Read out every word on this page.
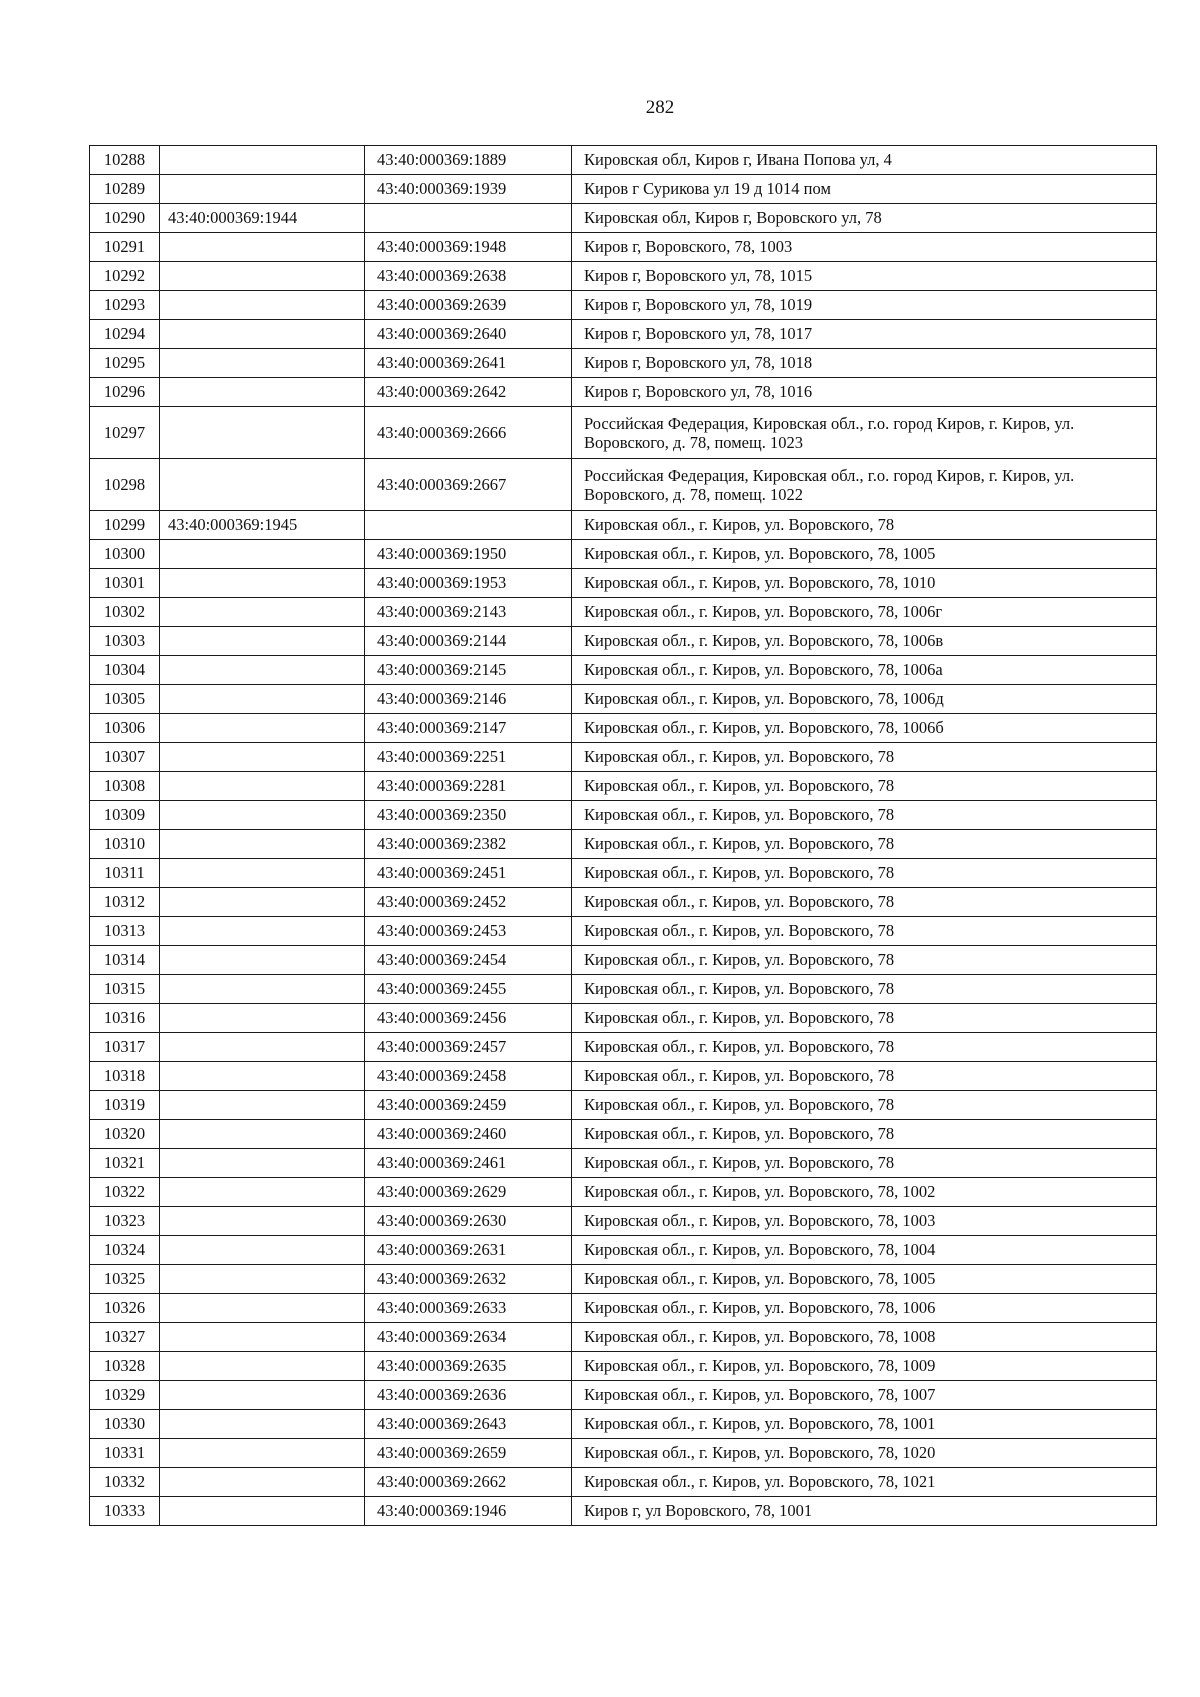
282
10288		43:40:000369:1889	Кировская обл, Киров г, Ивана Попова ул, 4
10289		43:40:000369:1939	Киров г Сурикова ул 19 д 1014 пом
10290	43:40:000369:1944		Кировская обл, Киров г, Воровского ул, 78
10291		43:40:000369:1948	Киров г, Воровского, 78, 1003
10292		43:40:000369:2638	Киров г, Воровского ул, 78, 1015
10293		43:40:000369:2639	Киров г, Воровского ул, 78, 1019
10294		43:40:000369:2640	Киров г, Воровского ул, 78, 1017
10295		43:40:000369:2641	Киров г, Воровского ул, 78, 1018
10296		43:40:000369:2642	Киров г, Воровского ул, 78, 1016
10297		43:40:000369:2666	Российская Федерация, Кировская обл., г.о. город Киров, г. Киров, ул. Воровского, д. 78, помещ. 1023
10298		43:40:000369:2667	Российская Федерация, Кировская обл., г.о. город Киров, г. Киров, ул. Воровского, д. 78, помещ. 1022
10299	43:40:000369:1945		Кировская обл., г. Киров, ул. Воровского, 78
10300		43:40:000369:1950	Кировская обл., г. Киров, ул. Воровского, 78, 1005
10301		43:40:000369:1953	Кировская обл., г. Киров, ул. Воровского, 78, 1010
10302		43:40:000369:2143	Кировская обл., г. Киров, ул. Воровского, 78, 1006г
10303		43:40:000369:2144	Кировская обл., г. Киров, ул. Воровского, 78, 1006в
10304		43:40:000369:2145	Кировская обл., г. Киров, ул. Воровского, 78, 1006а
10305		43:40:000369:2146	Кировская обл., г. Киров, ул. Воровского, 78, 1006д
10306		43:40:000369:2147	Кировская обл., г. Киров, ул. Воровского, 78, 1006б
10307		43:40:000369:2251	Кировская обл., г. Киров, ул. Воровского, 78
10308		43:40:000369:2281	Кировская обл., г. Киров, ул. Воровского, 78
10309		43:40:000369:2350	Кировская обл., г. Киров, ул. Воровского, 78
10310		43:40:000369:2382	Кировская обл., г. Киров, ул. Воровского, 78
10311		43:40:000369:2451	Кировская обл., г. Киров, ул. Воровского, 78
10312		43:40:000369:2452	Кировская обл., г. Киров, ул. Воровского, 78
10313		43:40:000369:2453	Кировская обл., г. Киров, ул. Воровского, 78
10314		43:40:000369:2454	Кировская обл., г. Киров, ул. Воровского, 78
10315		43:40:000369:2455	Кировская обл., г. Киров, ул. Воровского, 78
10316		43:40:000369:2456	Кировская обл., г. Киров, ул. Воровского, 78
10317		43:40:000369:2457	Кировская обл., г. Киров, ул. Воровского, 78
10318		43:40:000369:2458	Кировская обл., г. Киров, ул. Воровского, 78
10319		43:40:000369:2459	Кировская обл., г. Киров, ул. Воровского, 78
10320		43:40:000369:2460	Кировская обл., г. Киров, ул. Воровского, 78
10321		43:40:000369:2461	Кировская обл., г. Киров, ул. Воровского, 78
10322		43:40:000369:2629	Кировская обл., г. Киров, ул. Воровского, 78, 1002
10323		43:40:000369:2630	Кировская обл., г. Киров, ул. Воровского, 78, 1003
10324		43:40:000369:2631	Кировская обл., г. Киров, ул. Воровского, 78, 1004
10325		43:40:000369:2632	Кировская обл., г. Киров, ул. Воровского, 78, 1005
10326		43:40:000369:2633	Кировская обл., г. Киров, ул. Воровского, 78, 1006
10327		43:40:000369:2634	Кировская обл., г. Киров, ул. Воровского, 78, 1008
10328		43:40:000369:2635	Кировская обл., г. Киров, ул. Воровского, 78, 1009
10329		43:40:000369:2636	Кировская обл., г. Киров, ул. Воровского, 78, 1007
10330		43:40:000369:2643	Кировская обл., г. Киров, ул. Воровского, 78, 1001
10331		43:40:000369:2659	Кировская обл., г. Киров, ул. Воровского, 78, 1020
10332		43:40:000369:2662	Кировская обл., г. Киров, ул. Воровского, 78, 1021
10333		43:40:000369:1946	Киров г, ул Воровского, 78, 1001
